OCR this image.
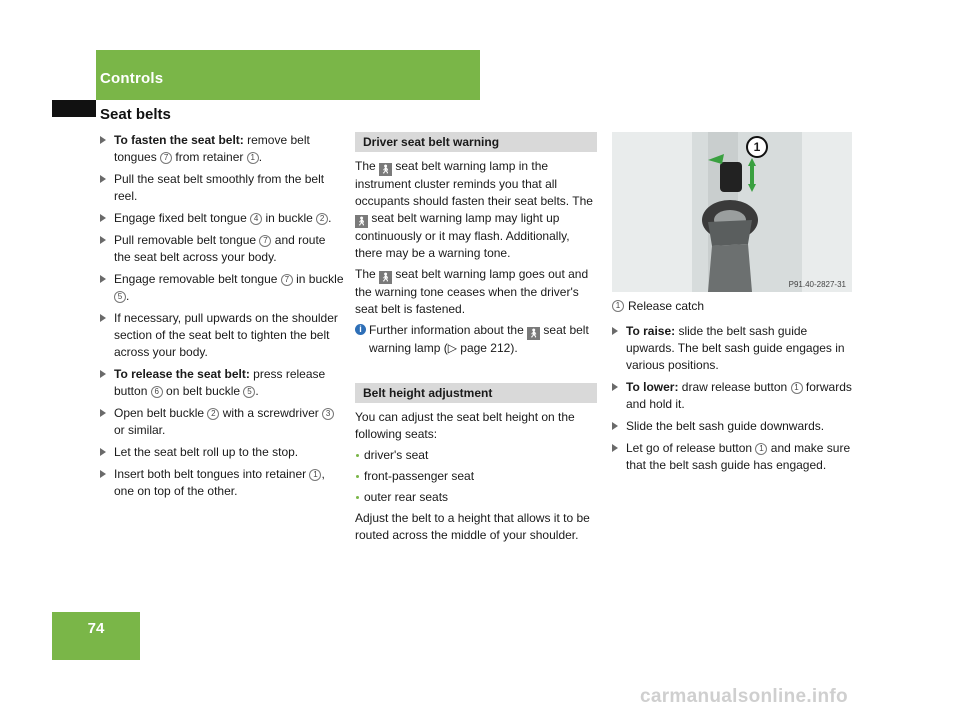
Controls
Seat belts
To fasten the seat belt: remove belt tongues 7 from retainer 1 .
Pull the seat belt smoothly from the belt reel.
Engage fixed belt tongue 4 in buckle 2 .
Pull removable belt tongue 7 and route the seat belt across your body.
Engage removable belt tongue 7 in buckle 5 .
If necessary, pull upwards on the shoulder section of the seat belt to tighten the belt across your body.
To release the seat belt: press release button 6 on belt buckle 5 .
Open belt buckle 2 with a screwdriver 3 or similar.
Let the seat belt roll up to the stop.
Insert both belt tongues into retainer 1 , one on top of the other.
Driver seat belt warning

The 🚶︎ seat belt warning lamp in the instrument cluster reminds you that all occupants should fasten their seat belts. The 🚶︎ seat belt warning lamp may light up continuously or it may flash. Additionally, there may be a warning tone.

The 🚶︎ seat belt warning lamp goes out and the warning tone ceases when the driver's seat belt is fastened.

i Further information about the 🚶︎ seat belt warning lamp (▷ page 212).
Belt height adjustment

You can adjust the seat belt height on the following seats:

driver's seat
front-passenger seat
outer rear seats

Adjust the belt to a height that allows it to be routed across the middle of your shoulder.

1
P91.40-2827-31
1 Release catch
To raise: slide the belt sash guide upwards. The belt sash guide engages in various positions.
To lower: draw release button 1 forwards and hold it.
Slide the belt sash guide downwards.
Let go of release button 1 and make sure that the belt sash guide has engaged.
74
carmanualsonline.info
